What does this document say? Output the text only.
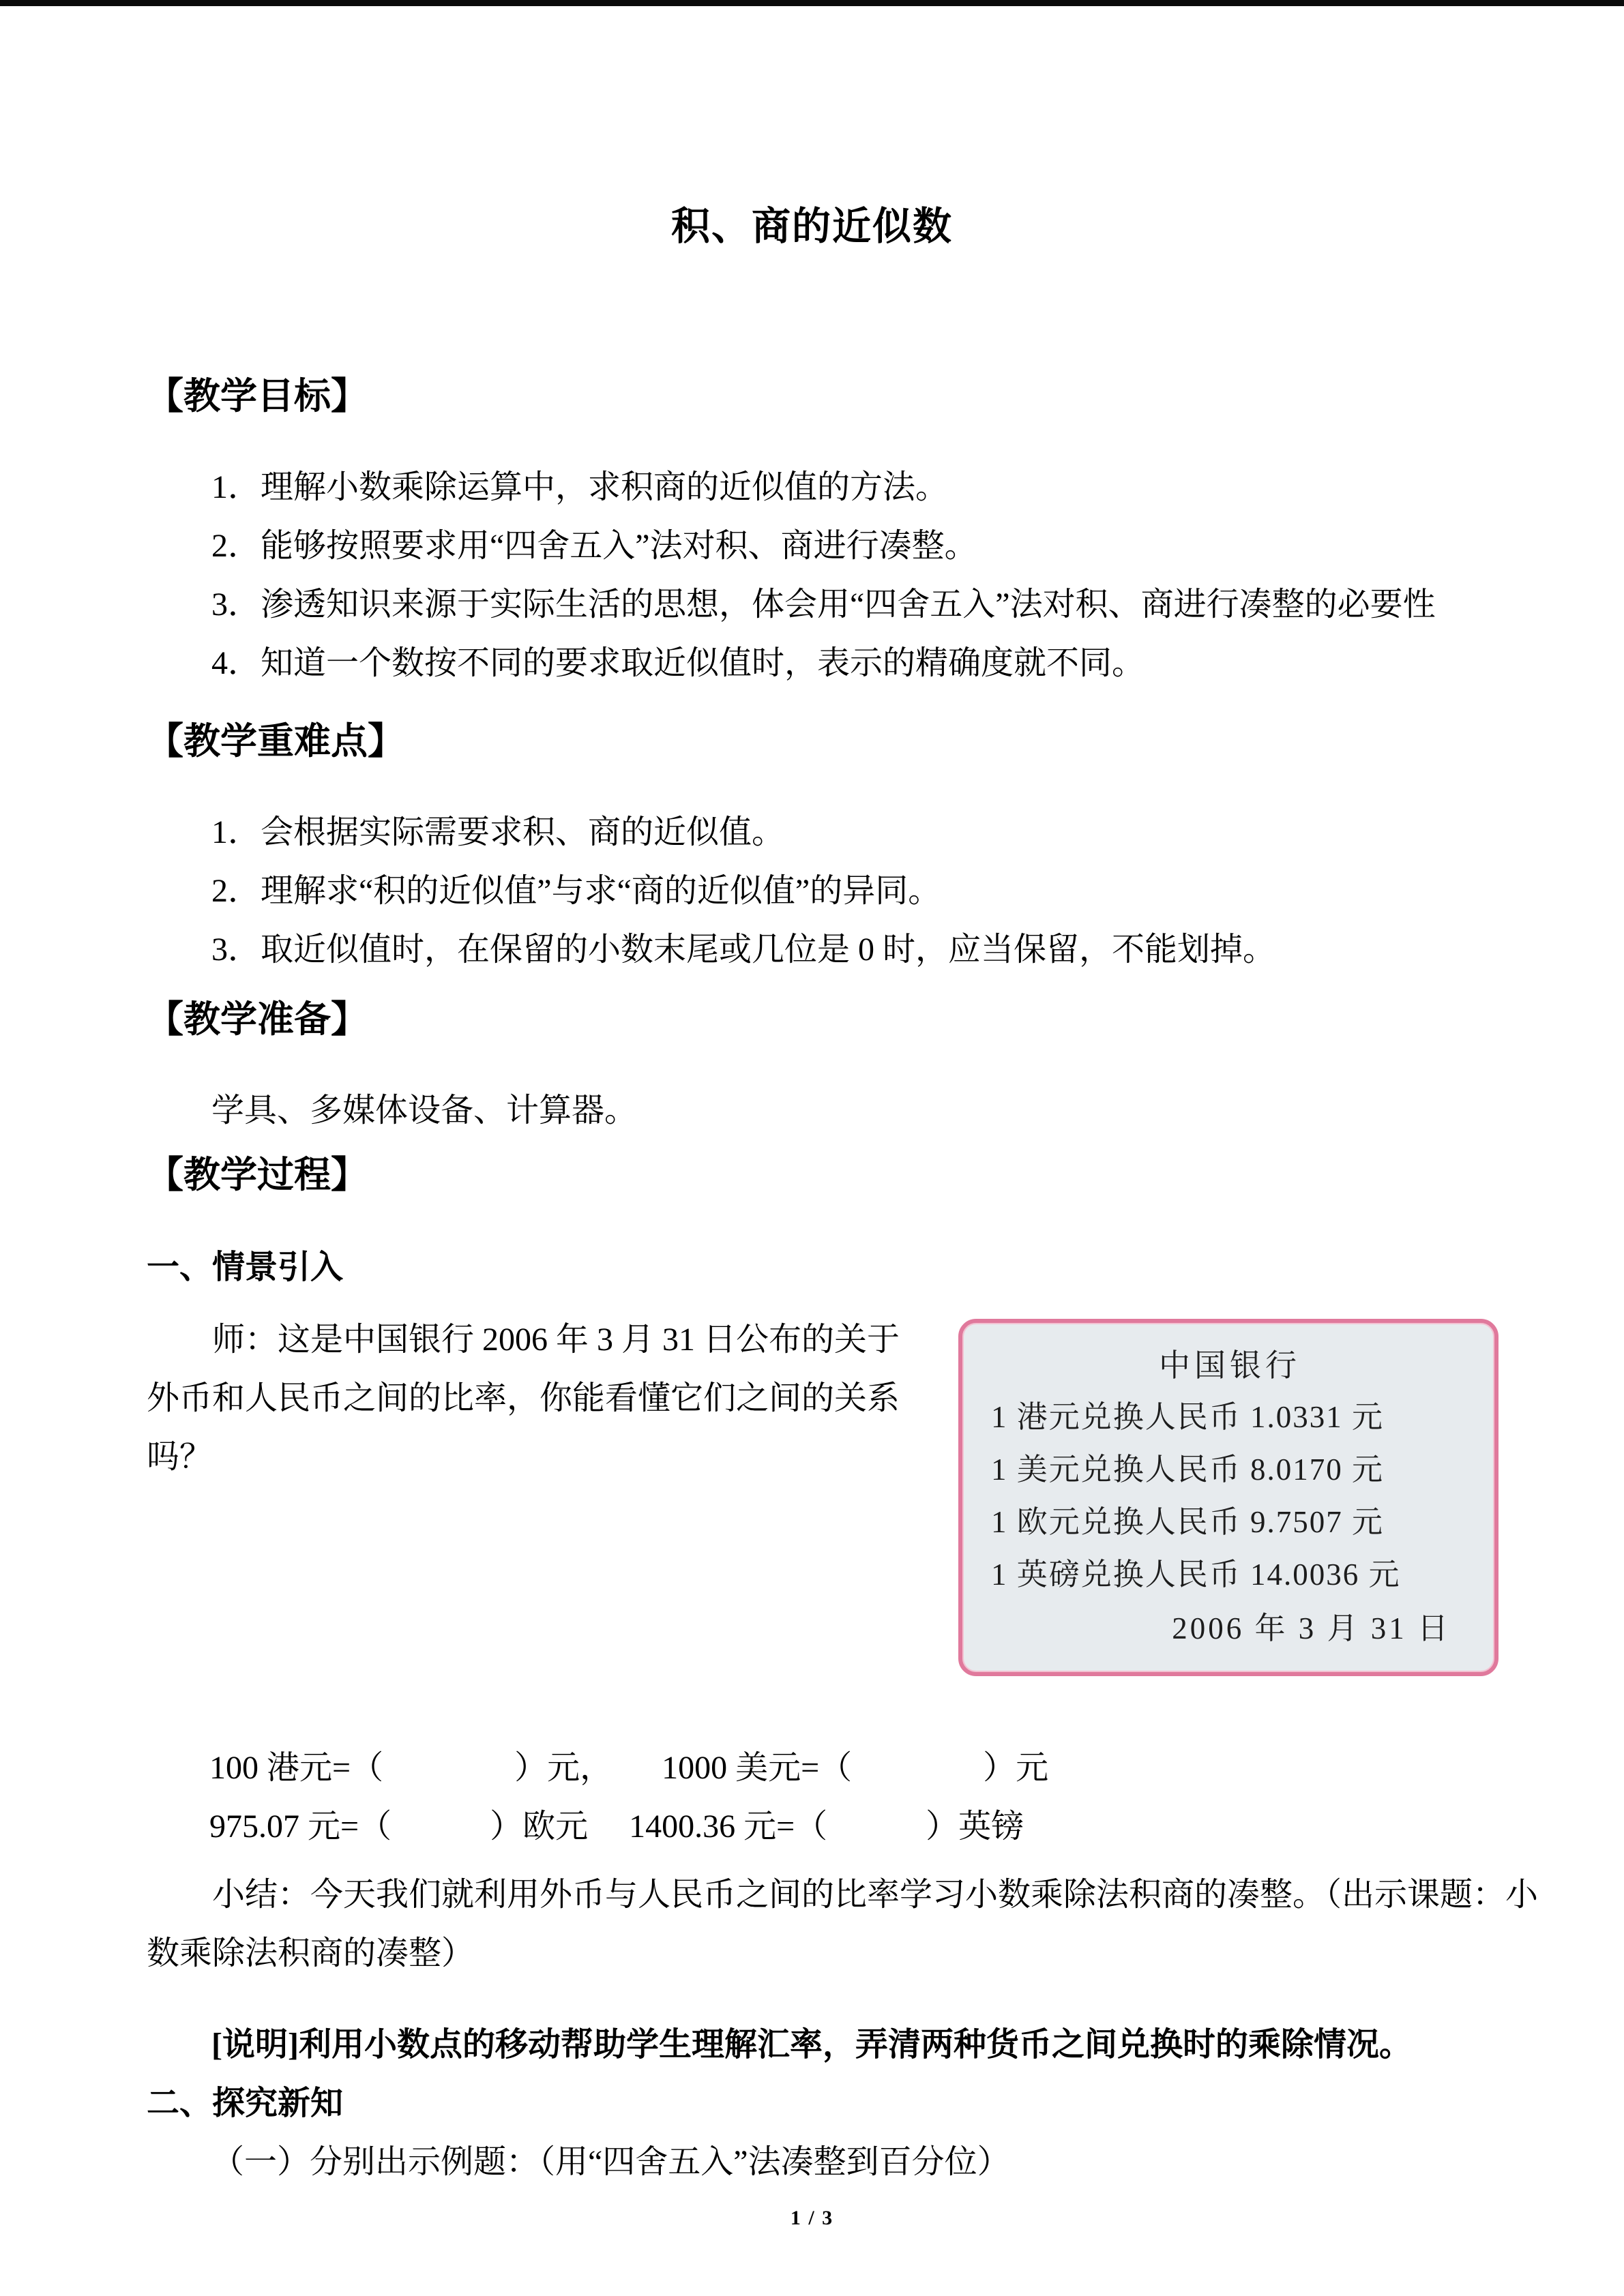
积、商的近似数
【教学目标】
1．理解小数乘除运算中，求积商的近似值的方法。
2．能够按照要求用“四舍五入”法对积、商进行凑整。
3．渗透知识来源于实际生活的思想，体会用“四舍五入”法对积、商进行凑整的必要性
4．知道一个数按不同的要求取近似值时，表示的精确度就不同。
【教学重难点】
1．会根据实际需要求积、商的近似值。
2．理解求“积的近似值”与求“商的近似值”的异同。
3．取近似值时，在保留的小数末尾或几位是 0 时，应当保留，不能划掉。
【教学准备】
学具、多媒体设备、计算器。
【教学过程】
一、情景引入
中国银行
1 港元兑换人民币 1.0331 元
1 美元兑换人民币 8.0170 元
1 欧元兑换人民币 9.7507 元
1 英磅兑换人民币 14.0036 元
2006 年 3 月 31 日

师：这是中国银行 2006 年 3 月 31 日公布的关于外币和人民币之间的比率，你能看懂它们之间的关系吗？

100 港元=（　　　　）元，　　1000 美元=（　　　　）元
975.07 元=（　　　）欧元　 1400.36 元=（　　　）英镑

小结：今天我们就利用外币与人民币之间的比率学习小数乘除法积商的凑整。（出示课题：小数乘除法积商的凑整）

[说明]利用小数点的移动帮助学生理解汇率，弄清两种货币之间兑换时的乘除情况。
二、探究新知
（一）分别出示例题：（用“四舍五入”法凑整到百分位）
1 / 3
